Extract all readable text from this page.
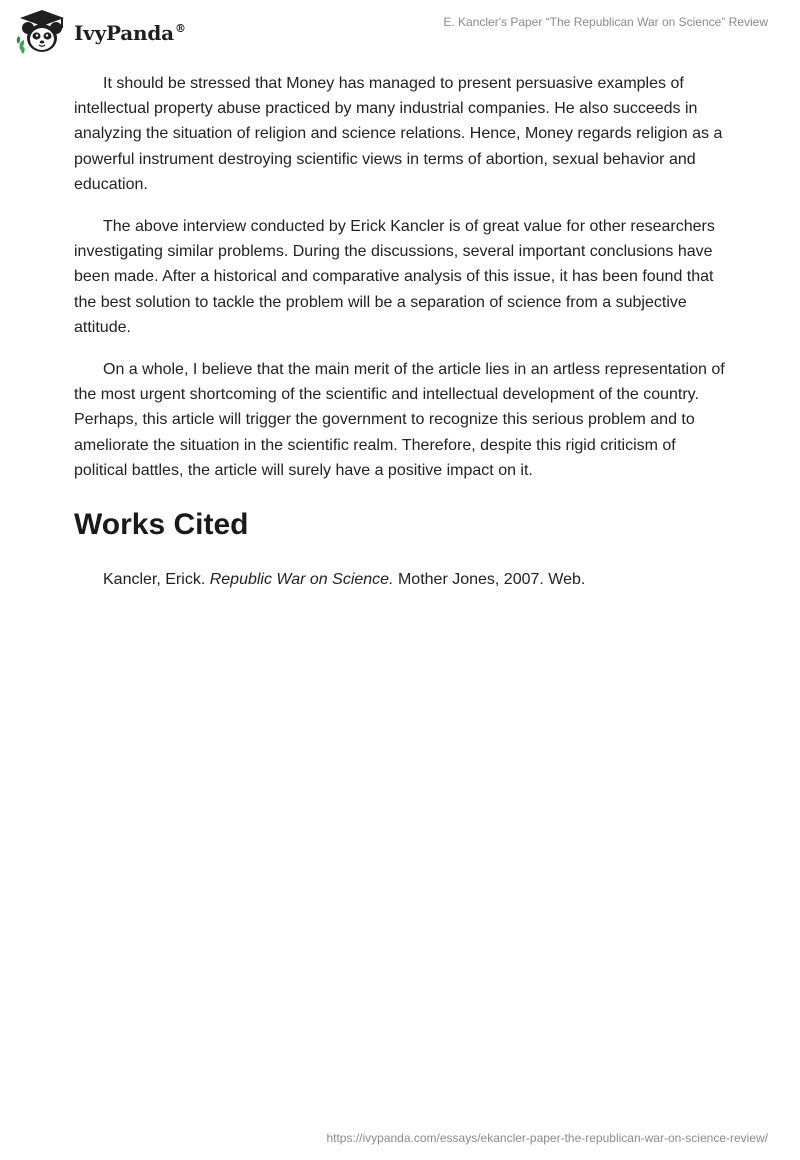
IvyPanda®	E. Kancler's Paper “The Republican War on Science” Review

It should be stressed that Money has managed to present persuasive examples of intellectual property abuse practiced by many industrial companies. He also succeeds in analyzing the situation of religion and science relations. Hence, Money regards religion as a powerful instrument destroying scientific views in terms of abortion, sexual behavior and education.

The above interview conducted by Erick Kancler is of great value for other researchers investigating similar problems. During the discussions, several important conclusions have been made. After a historical and comparative analysis of this issue, it has been found that the best solution to tackle the problem will be a separation of science from a subjective attitude.

On a whole, I believe that the main merit of the article lies in an artless representation of the most urgent shortcoming of the scientific and intellectual development of the country. Perhaps, this article will trigger the government to recognize this serious problem and to ameliorate the situation in the scientific realm. Therefore, despite this rigid criticism of political battles, the article will surely have a positive impact on it.

Works Cited

Kancler, Erick. Republic War on Science. Mother Jones, 2007. Web.

https://ivypanda.com/essays/ekancler-paper-the-republican-war-on-science-review/
